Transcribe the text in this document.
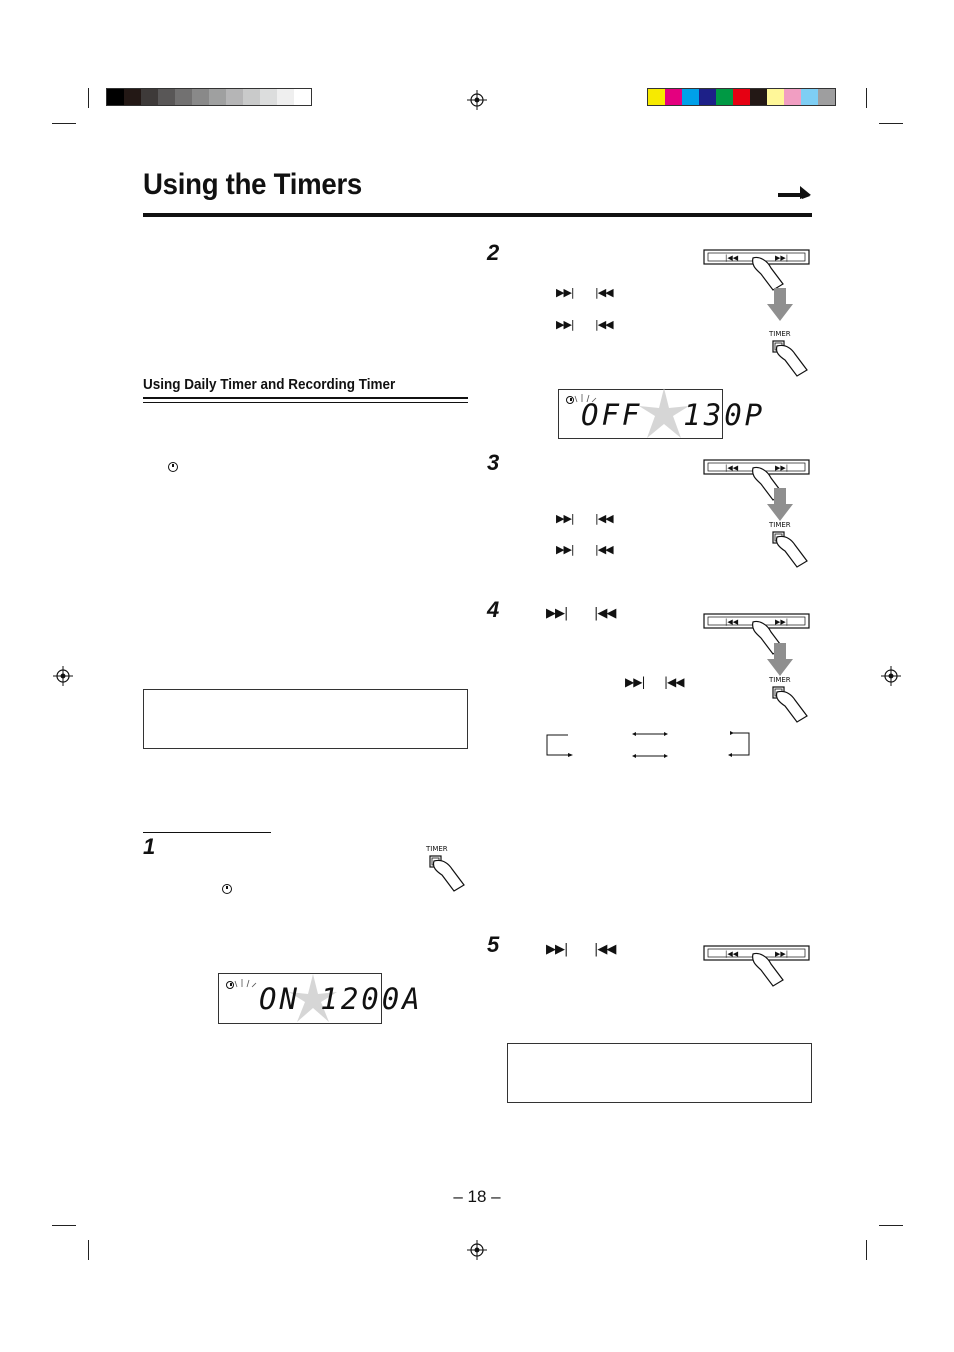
Using the Timers
Using Daily Timer and Recording Timer
1	TIMER
ON 1200A
2
▶▶| |◀◀
▶▶| |◀◀
3
▶▶| |◀◀
▶▶| |◀◀
4	▶▶| |◀◀
▶▶| |◀◀
5	▶▶| |◀◀
|◀◀	▶▶|
|◀◀	▶▶|
|◀◀	▶▶|
|◀◀	▶▶|
TIMER
TIMER
TIMER
OFF  130P
– 18 –
